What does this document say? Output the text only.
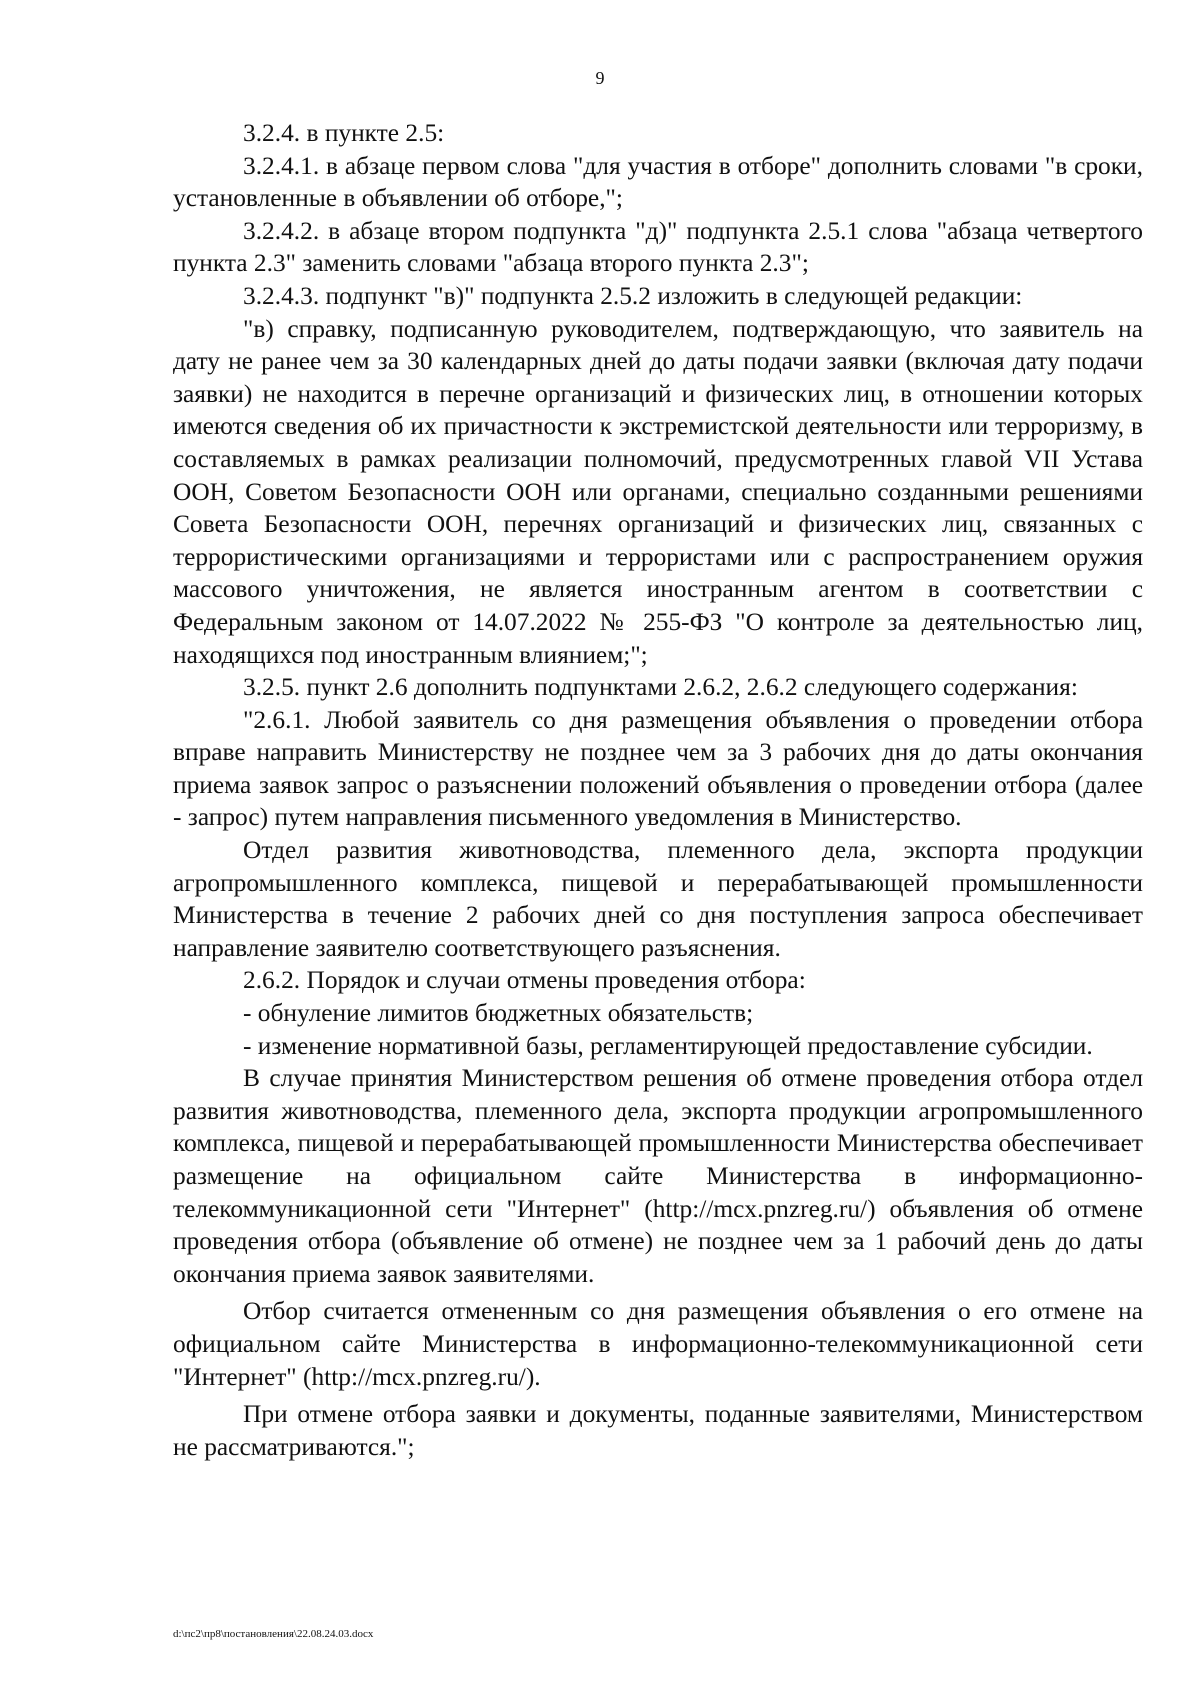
9

3.2.4. в пункте 2.5:

3.2.4.1. в абзаце первом слова "для участия в отборе" дополнить словами "в сроки, установленные в объявлении об отборе,";

3.2.4.2. в абзаце втором подпункта "д)" подпункта 2.5.1 слова "абзаца четвертого пункта 2.3" заменить словами "абзаца второго пункта 2.3";

3.2.4.3. подпункт "в)" подпункта 2.5.2 изложить в следующей редакции:

"в) справку, подписанную руководителем, подтверждающую, что заявитель на дату не ранее чем за 30 календарных дней до даты подачи заявки (включая дату подачи заявки) не находится в перечне организаций и физических лиц, в отношении которых имеются сведения об их причастности к экстремистской деятельности или терроризму, в составляемых в рамках реализации полномочий, предусмотренных главой VII Устава ООН, Советом Безопасности ООН или органами, специально созданными решениями Совета Безопасности ООН, перечнях организаций и физических лиц, связанных с террористическими организациями и террористами или с распространением оружия массового уничтожения, не является иностранным агентом в соответствии с Федеральным законом от 14.07.2022 № 255-ФЗ "О контроле за деятельностью лиц, находящихся под иностранным влиянием;";

3.2.5. пункт 2.6 дополнить подпунктами 2.6.2, 2.6.2 следующего содержания:

"2.6.1. Любой заявитель со дня размещения объявления о проведении отбора вправе направить Министерству не позднее чем за 3 рабочих дня до даты окончания приема заявок запрос о разъяснении положений объявления о проведении отбора (далее - запрос) путем направления письменного уведомления в Министерство.

Отдел развития животноводства, племенного дела, экспорта продукции агропромышленного комплекса, пищевой и перерабатывающей промышленности Министерства в течение 2 рабочих дней со дня поступления запроса обеспечивает направление заявителю соответствующего разъяснения.

2.6.2. Порядок и случаи отмены проведения отбора:

- обнуление лимитов бюджетных обязательств;

- изменение нормативной базы, регламентирующей предоставление субсидии.

В случае принятия Министерством решения об отмене проведения отбора отдел развития животноводства, племенного дела, экспорта продукции агропромышленного комплекса, пищевой и перерабатывающей промышленности Министерства обеспечивает размещение на официальном сайте Министерства в информационно-телекоммуникационной сети "Интернет" (http://mcx.pnzreg.ru/) объявления об отмене проведения отбора (объявление об отмене) не позднее чем за 1 рабочий день до даты окончания приема заявок заявителями.

Отбор считается отмененным со дня размещения объявления о его отмене на официальном сайте Министерства в информационно-телекоммуникационной сети "Интернет" (http://mcx.pnzreg.ru/).

При отмене отбора заявки и документы, поданные заявителями, Министерством не рассматриваются.";

d:\пс2\пр8\постановления\22.08.24.03.docx
